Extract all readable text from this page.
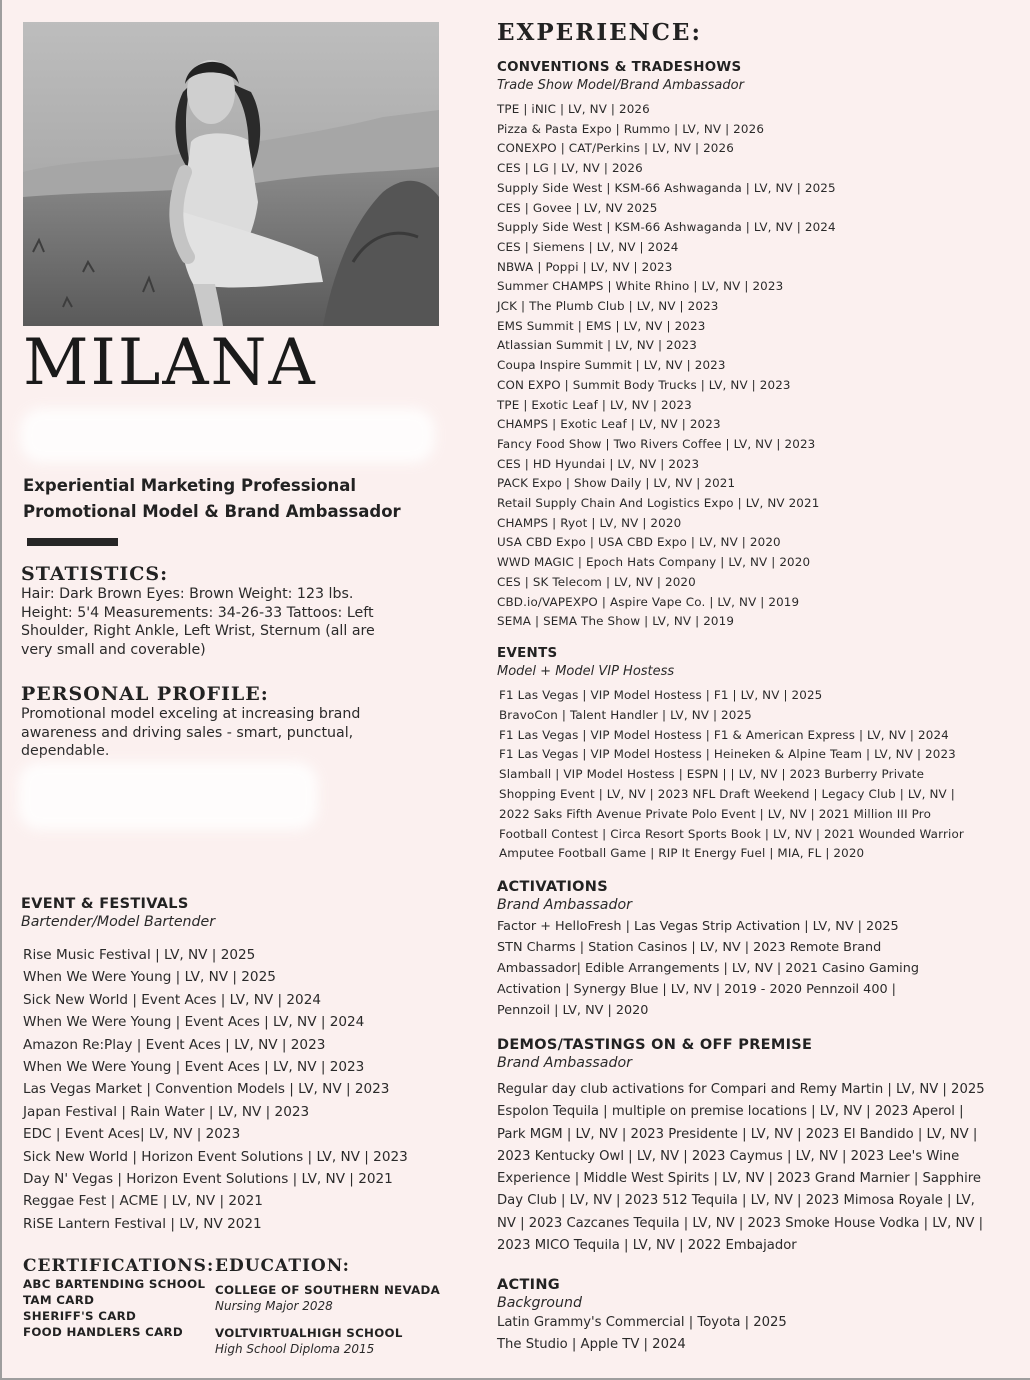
MILANA
Experiential Marketing Professional
Promotional Model & Brand Ambassador
STATISTICS:
Hair: Dark Brown Eyes: Brown Weight: 123 lbs.
Height: 5'4 Measurements: 34-26-33 Tattoos: Left
Shoulder, Right Ankle, Left Wrist, Sternum (all are
very small and coverable)
PERSONAL PROFILE:
Promotional model exceling at increasing brand
awareness and driving sales - smart, punctual,
dependable.
EVENT & FESTIVALS
Bartender/Model Bartender
Rise Music Festival | LV, NV | 2025
When We Were Young | LV, NV | 2025
Sick New World | Event Aces | LV, NV | 2024
When We Were Young | Event Aces | LV, NV | 2024
Amazon Re:Play | Event Aces | LV, NV | 2023
When We Were Young | Event Aces | LV, NV | 2023
Las Vegas Market | Convention Models | LV, NV | 2023
Japan Festival | Rain Water | LV, NV | 2023
EDC | Event Aces| LV, NV | 2023
Sick New World | Horizon Event Solutions | LV, NV | 2023
Day N' Vegas | Horizon Event Solutions | LV, NV | 2021
Reggae Fest | ACME | LV, NV | 2021
RiSE Lantern Festival | LV, NV 2021
CERTIFICATIONS:
ABC BARTENDING SCHOOL
TAM CARD
SHERIFF'S CARD
FOOD HANDLERS CARD
EDUCATION:
COLLEGE OF SOUTHERN NEVADA
Nursing Major 2028
VOLTVIRTUALHIGH SCHOOL
High School Diploma 2015
EXPERIENCE:
CONVENTIONS & TRADESHOWS
Trade Show Model/Brand Ambassador
TPE | iNIC | LV, NV | 2026
Pizza & Pasta Expo | Rummo | LV, NV | 2026
CONEXPO | CAT/Perkins | LV, NV | 2026
CES | LG | LV, NV | 2026
Supply Side West | KSM-66 Ashwaganda | LV, NV | 2025
CES | Govee | LV, NV 2025
Supply Side West | KSM-66 Ashwaganda | LV, NV | 2024
CES | Siemens | LV, NV | 2024
NBWA | Poppi | LV, NV | 2023
Summer CHAMPS | White Rhino | LV, NV | 2023
JCK | The Plumb Club | LV, NV | 2023
EMS Summit | EMS | LV, NV | 2023
Atlassian Summit | LV, NV | 2023
Coupa Inspire Summit | LV, NV | 2023
CON EXPO | Summit Body Trucks | LV, NV | 2023
TPE | Exotic Leaf | LV, NV | 2023
CHAMPS | Exotic Leaf | LV, NV | 2023
Fancy Food Show | Two Rivers Coffee | LV, NV | 2023
CES | HD Hyundai | LV, NV | 2023
PACK Expo | Show Daily | LV, NV | 2021
Retail Supply Chain And Logistics Expo | LV, NV 2021
CHAMPS | Ryot | LV, NV | 2020
USA CBD Expo | USA CBD Expo | LV, NV | 2020
WWD MAGIC | Epoch Hats Company | LV, NV | 2020
CES | SK Telecom | LV, NV | 2020
CBD.io/VAPEXPO | Aspire Vape Co. | LV, NV | 2019
SEMA | SEMA The Show | LV, NV | 2019
EVENTS
Model + Model VIP Hostess
F1 Las Vegas | VIP Model Hostess | F1 | LV, NV | 2025
BravoCon | Talent Handler | LV, NV | 2025
F1 Las Vegas | VIP Model Hostess | F1 & American Express | LV, NV | 2024
F1 Las Vegas | VIP Model Hostess | Heineken & Alpine Team | LV, NV | 2023
Slamball | VIP Model Hostess | ESPN | | LV, NV | 2023 Burberry Private
Shopping Event | LV, NV | 2023 NFL Draft Weekend | Legacy Club | LV, NV |
2022 Saks Fifth Avenue Private Polo Event | LV, NV | 2021 Million III Pro
Football Contest | Circa Resort Sports Book | LV, NV | 2021 Wounded Warrior
Amputee Football Game | RIP It Energy Fuel | MIA, FL | 2020
ACTIVATIONS
Brand Ambassador
Factor + HelloFresh | Las Vegas Strip Activation | LV, NV | 2025
STN Charms | Station Casinos | LV, NV | 2023 Remote Brand
Ambassador| Edible Arrangements | LV, NV | 2021 Casino Gaming
Activation | Synergy Blue | LV, NV | 2019 - 2020 Pennzoil 400 |
Pennzoil | LV, NV | 2020
DEMOS/TASTINGS ON & OFF PREMISE
Brand Ambassador
Regular day club activations for Compari and Remy Martin | LV, NV | 2025
Espolon Tequila | multiple on premise locations | LV, NV | 2023 Aperol |
Park MGM | LV, NV | 2023 Presidente | LV, NV | 2023 El Bandido | LV, NV |
2023 Kentucky Owl | LV, NV | 2023 Caymus | LV, NV | 2023 Lee's Wine
Experience | Middle West Spirits | LV, NV | 2023 Grand Marnier | Sapphire
Day Club | LV, NV | 2023 512 Tequila | LV, NV | 2023 Mimosa Royale | LV,
NV | 2023 Cazcanes Tequila | LV, NV | 2023 Smoke House Vodka | LV, NV |
2023 MICO Tequila | LV, NV | 2022 Embajador
ACTING
Background
Latin Grammy's Commercial | Toyota | 2025
The Studio | Apple TV | 2024
